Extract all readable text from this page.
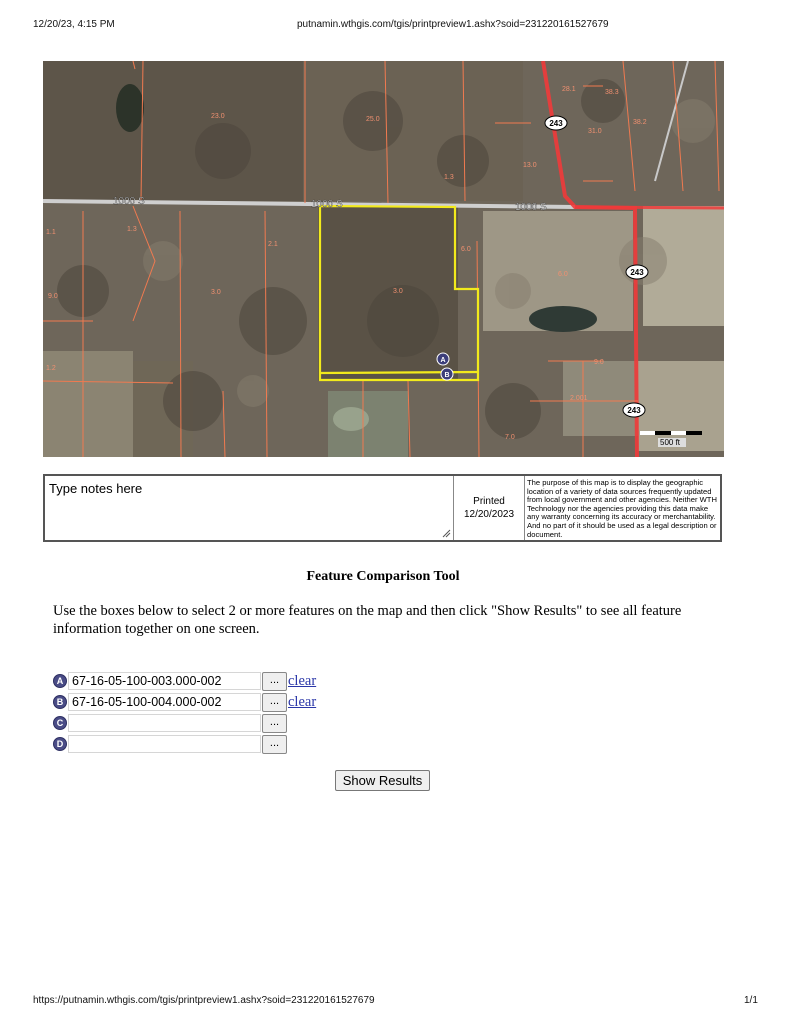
12/20/23, 4:15 PM	putnamin.wthgis.com/tgis/printpreview1.ashx?soid=231220161527679
500 ft
1000 S	1000 S	1000 S
243
243
243
23.0	25.0
28.1	38.3
31.0
38.2
13.0
1.1	1.3
2.1
3.0
6.0
6.0
9.0
7.0
2.001
1.2
9.0
3.0
1.3
A
B
Type notes here
Printed
12/20/2023
The purpose of this map is to display the geographic location of a variety of data sources frequently updated from local government and other agencies. Neither WTH Technology nor the agencies providing this data make any warranty concerning its accuracy or merchantability. And no part of it should be used as a legal description or document.
Feature Comparison Tool
Use the boxes below to select 2 or more features on the map and then click "Show Results" to see all feature information together on one screen.
A 67-16-05-100-003.000-002	... clear
B 67-16-05-100-004.000-002	... clear
C	...
D	...
Show Results
https://putnamin.wthgis.com/tgis/printpreview1.ashx?soid=231220161527679	1/1
